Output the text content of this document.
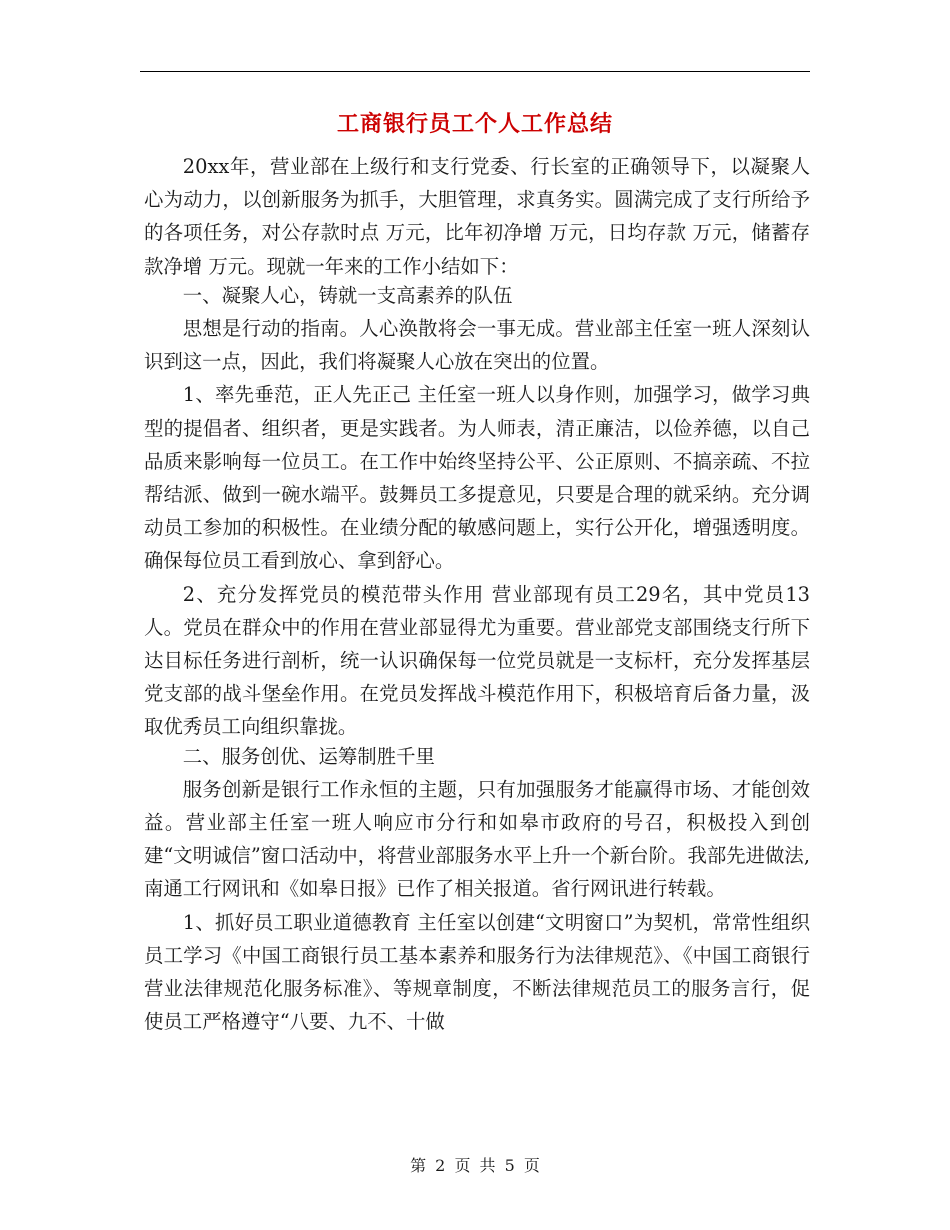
工商银行员工个人工作总结

20xx年，营业部在上级行和支行党委、行长室的正确领导下，以凝聚人心为动力，以创新服务为抓手，大胆管理，求真务实。圆满完成了支行所给予的各项任务，对公存款时点 万元，比年初净增 万元，日均存款 万元，储蓄存款净增 万元。现就一年来的工作小结如下：

一、凝聚人心，铸就一支高素养的队伍

思想是行动的指南。人心涣散将会一事无成。营业部主任室一班人深刻认识到这一点，因此，我们将凝聚人心放在突出的位置。

1、率先垂范，正人先正己 主任室一班人以身作则，加强学习，做学习典型的提倡者、组织者，更是实践者。为人师表，清正廉洁，以俭养德，以自己品质来影响每一位员工。在工作中始终坚持公平、公正原则、不搞亲疏、不拉帮结派、做到一碗水端平。鼓舞员工多提意见，只要是合理的就采纳。充分调动员工参加的积极性。在业绩分配的敏感问题上，实行公开化，增强透明度。确保每位员工看到放心、拿到舒心。

2、充分发挥党员的模范带头作用 营业部现有员工29名，其中党员13人。党员在群众中的作用在营业部显得尤为重要。营业部党支部围绕支行所下达目标任务进行剖析，统一认识确保每一位党员就是一支标杆，充分发挥基层党支部的战斗堡垒作用。在党员发挥战斗模范作用下，积极培育后备力量，汲取优秀员工向组织靠拢。

二、服务创优、运筹制胜千里

服务创新是银行工作永恒的主题，只有加强服务才能赢得市场、才能创效益。营业部主任室一班人响应市分行和如皋市政府的号召，积极投入到创建“文明诚信”窗口活动中，将营业部服务水平上升一个新台阶。我部先进做法,南通工行网讯和《如皋日报》已作了相关报道。省行网讯进行转载。

1、抓好员工职业道德教育 主任室以创建“文明窗口”为契机，常常性组织员工学习《中国工商银行员工基本素养和服务行为法律规范》、《中国工商银行营业法律规范化服务标准》、等规章制度，不断法律规范员工的服务言行，促使员工严格遵守“八要、九不、十做

第 2 页 共 5 页
